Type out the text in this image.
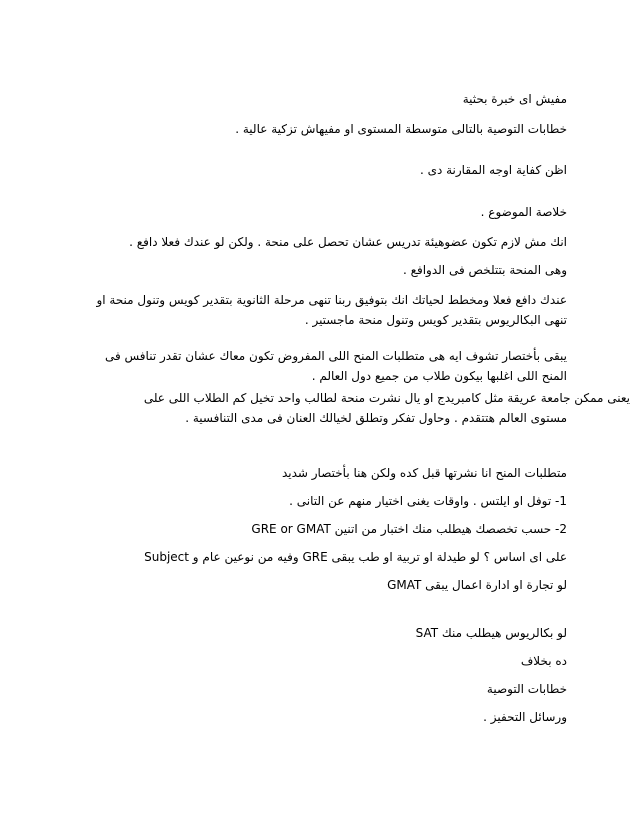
مفيش اى خبرة بحثية

خطابات التوصية بالتالى متوسطة المستوى او مفيهاش تزكية عالية .

اظن كفاية اوجه المقارنة دى .

خلاصة الموضوع .

انك مش لازم تكون عضوهيئة تدريس عشان تحصل على منحة . ولكن لو عندك فعلا دافع .

وهى المنحة بتتلخص فى الدوافع .

عندك دافع فعلا ومخطط لحياتك انك بتوفيق ربنا تنهى مرحلة الثانوية بتقدير كويس وتنول منحة او
تنهى البكالريوس بتقدير كويس وتنول منحة ماجستير .
يبقى بأختصار تشوف ايه هى متطلبات المنح اللى المفروض تكون معاك عشان تقدر تنافس فى
المنح اللى اغلبها بيكون طلاب من جميع دول العالم .
يعنى ممكن جامعة عريقة مثل كامبريدج او يال نشرت منحة لطالب واحد تخيل كم الطلاب اللى على
مستوى العالم هتتقدم . وحاول تفكر وتطلق لخيالك العنان فى مدى التنافسية .

متطلبات المنح انا نشرتها قبل كده ولكن هنا بأختصار شديد

1- توفل او ايلتس . واوقات يغنى اختيار منهم عن التانى .

2- حسب تخصصك هيطلب منك اختبار من اتنين GRE or GMAT

على اى اساس ؟ لو طيدلة او تربية او طب يبقى GRE وفيه من نوعين عام و Subject

لو تجارة او ادارة اعمال يبقى GMAT

لو بكالريوس هيطلب منك SAT

ده بخلاف

خطابات التوصية

ورسائل التحفيز .
